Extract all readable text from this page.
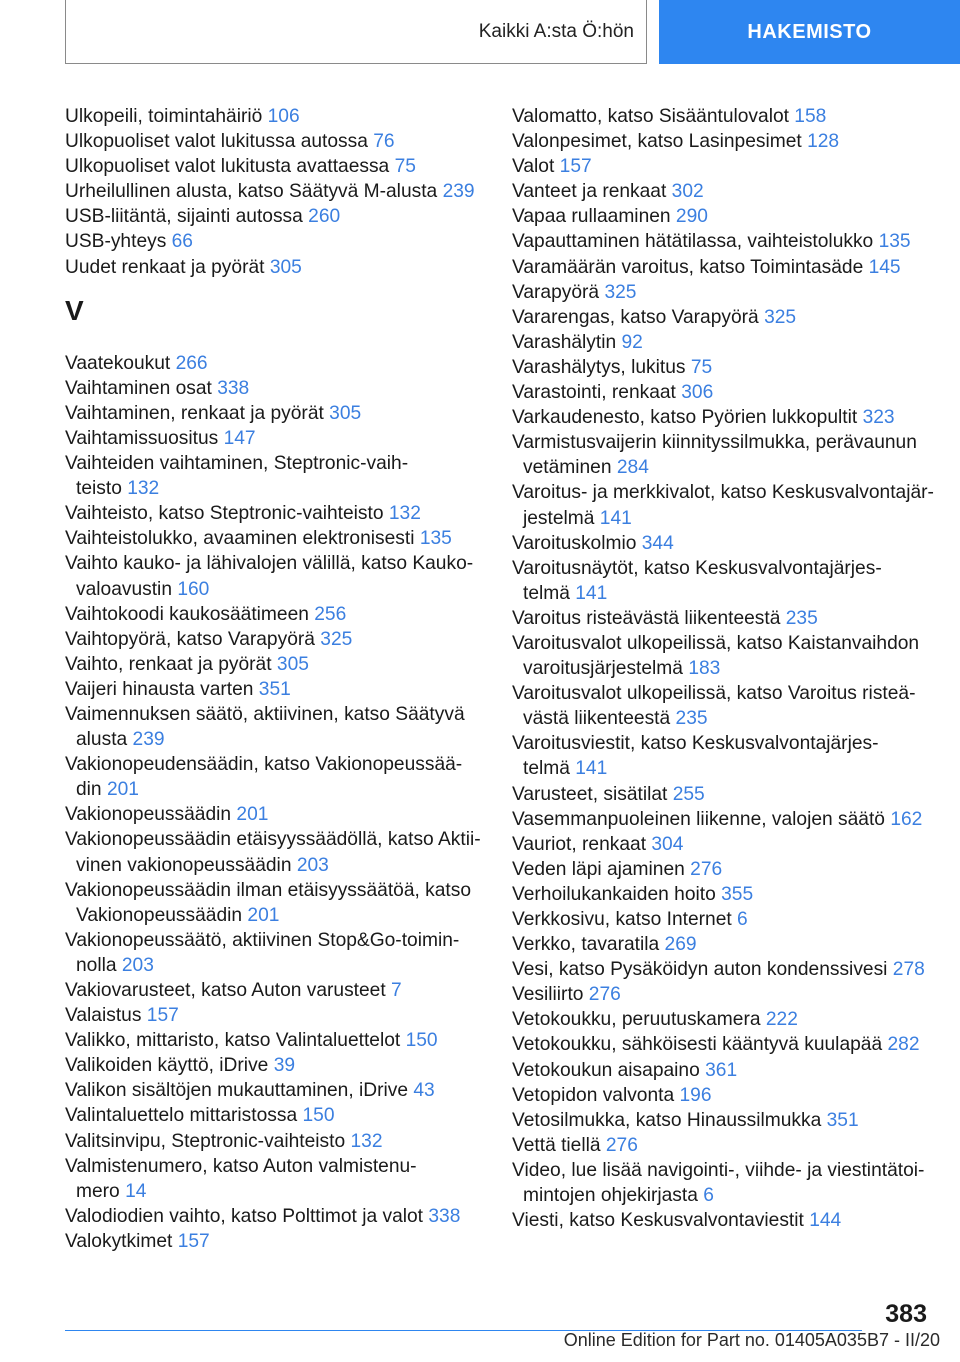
Kaikki A:sta Ö:hön	HAKEMISTO
Ulkopeili, toimintahäiriö 106
Ulkopuoliset valot lukitussa autossa 76
Ulkopuoliset valot lukitusta avattaessa 75
Urheilullinen alusta, katso Säätyvä M-alusta 239
USB-liitäntä, sijainti autossa 260
USB-yhteys 66
Uudet renkaat ja pyörät 305
V
Vaatekoukut 266
Vaihtaminen osat 338
Vaihtaminen, renkaat ja pyörät 305
Vaihtamissuositus 147
Vaihteiden vaihtaminen, Steptronic-vaih-
teisto 132
Vaihteisto, katso Steptronic-vaihteisto 132
Vaihteistolukko, avaaminen elektronisesti 135
Vaihto kauko- ja lähivalojen välillä, katso Kauko-
valoavustin 160
Vaihtokoodi kaukosäätimeen 256
Vaihtopyörä, katso Varapyörä 325
Vaihto, renkaat ja pyörät 305
Vaijeri hinausta varten 351
Vaimennuksen säätö, aktiivinen, katso Säätyvä
alusta 239
Vakionopeudensäädin, katso Vakionopeussää-
din 201
Vakionopeussäädin 201
Vakionopeussäädin etäisyyssäädöllä, katso Aktii-
vinen vakionopeussäädin 203
Vakionopeussäädin ilman etäisyyssäätöä, katso
Vakionopeussäädin 201
Vakionopeussäätö, aktiivinen Stop&Go-toimin-
nolla 203
Vakiovarusteet, katso Auton varusteet 7
Valaistus 157
Valikko, mittaristo, katso Valintaluettelot 150
Valikoiden käyttö, iDrive 39
Valikon sisältöjen mukauttaminen, iDrive 43
Valintaluettelo mittaristossa 150
Valitsinvipu, Steptronic-vaihteisto 132
Valmistenumero, katso Auton valmistenu-
mero 14
Valodiodien vaihto, katso Polttimot ja valot 338
Valokytkimet 157
Valomatto, katso Sisääntulovalot 158
Valonpesimet, katso Lasinpesimet 128
Valot 157
Vanteet ja renkaat 302
Vapaa rullaaminen 290
Vapauttaminen hätätilassa, vaihteistolukko 135
Varamäärän varoitus, katso Toimintasäde 145
Varapyörä 325
Vararengas, katso Varapyörä 325
Varashälytin 92
Varashälytys, lukitus 75
Varastointi, renkaat 306
Varkaudenesto, katso Pyörien lukkopultit 323
Varmistusvaijerin kiinnityssilmukka, perävaunun
vetäminen 284
Varoitus- ja merkkivalot, katso Keskusvalvontajär-
jestelmä 141
Varoituskolmio 344
Varoitusnäytöt, katso Keskusvalvontajärjes-
telmä 141
Varoitus risteävästä liikenteestä 235
Varoitusvalot ulkopeilissä, katso Kaistanvaihdon
varoitusjärjestelmä 183
Varoitusvalot ulkopeilissä, katso Varoitus risteä-
västä liikenteestä 235
Varoitusviestit, katso Keskusvalvontajärjes-
telmä 141
Varusteet, sisätilat 255
Vasemmanpuoleinen liikenne, valojen säätö 162
Vauriot, renkaat 304
Veden läpi ajaminen 276
Verhoilukankaiden hoito 355
Verkkosivu, katso Internet 6
Verkko, tavaratila 269
Vesi, katso Pysäköidyn auton kondenssivesi 278
Vesiliirto 276
Vetokoukku, peruutuskamera 222
Vetokoukku, sähköisesti kääntyvä kuulapää 282
Vetokoukun aisapaino 361
Vetopidon valvonta 196
Vetosilmukka, katso Hinaussilmukka 351
Vettä tiellä 276
Video, lue lisää navigointi-, viihde- ja viestintätoi-
mintojen ohjekirjasta 6
Viesti, katso Keskusvalvontaviestit 144
383
Online Edition for Part no. 01405A035B7 - II/20
